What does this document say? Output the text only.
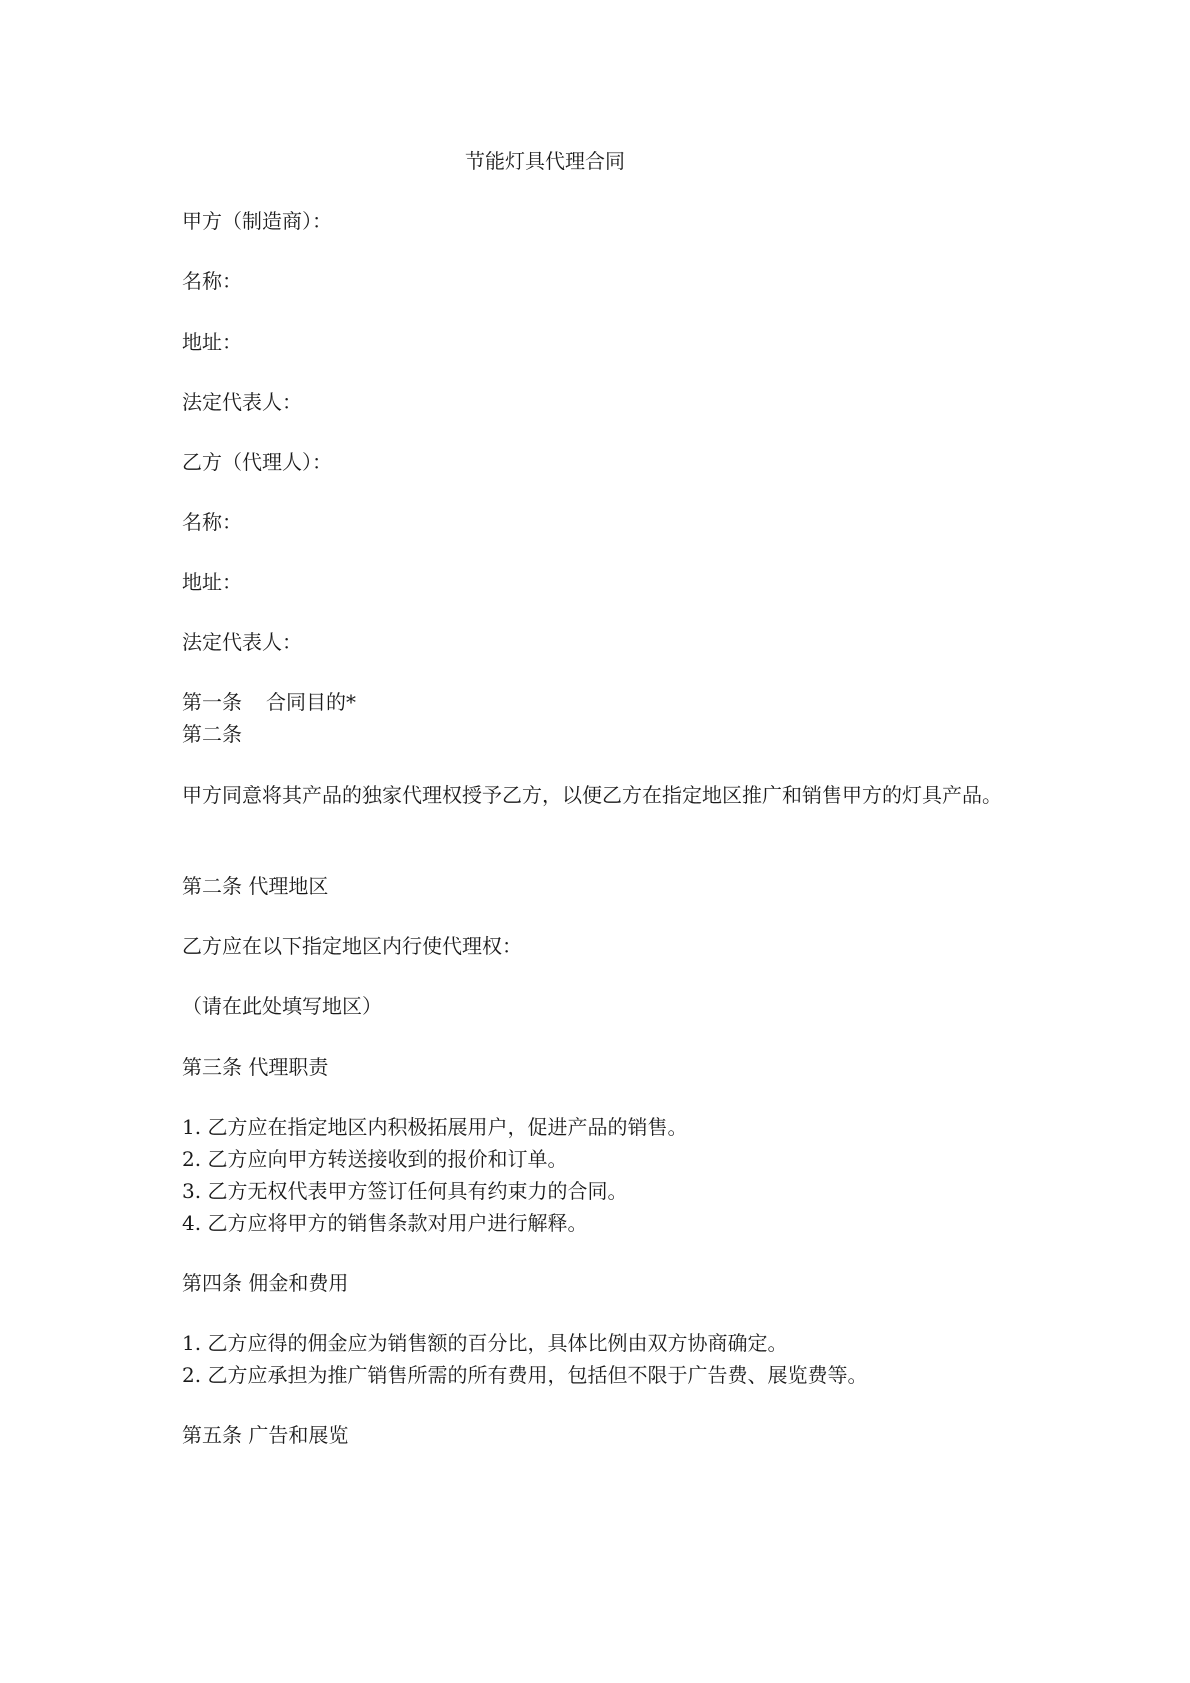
节能灯具代理合同
甲方（制造商）：
名称：
地址：
法定代表人：
乙方（代理人）：
名称：
地址：
法定代表人：
第一条 合同目的*
第二条
甲方同意将其产品的独家代理权授予乙方，以便乙方在指定地区推广和销售甲方的灯具产品。
第二条 代理地区
乙方应在以下指定地区内行使代理权：
（请在此处填写地区）
第三条 代理职责
1. 乙方应在指定地区内积极拓展用户，促进产品的销售。
2. 乙方应向甲方转送接收到的报价和订单。
3. 乙方无权代表甲方签订任何具有约束力的合同。
4. 乙方应将甲方的销售条款对用户进行解释。
第四条 佣金和费用
1. 乙方应得的佣金应为销售额的百分比，具体比例由双方协商确定。
2. 乙方应承担为推广销售所需的所有费用，包括但不限于广告费、展览费等。
第五条 广告和展览
